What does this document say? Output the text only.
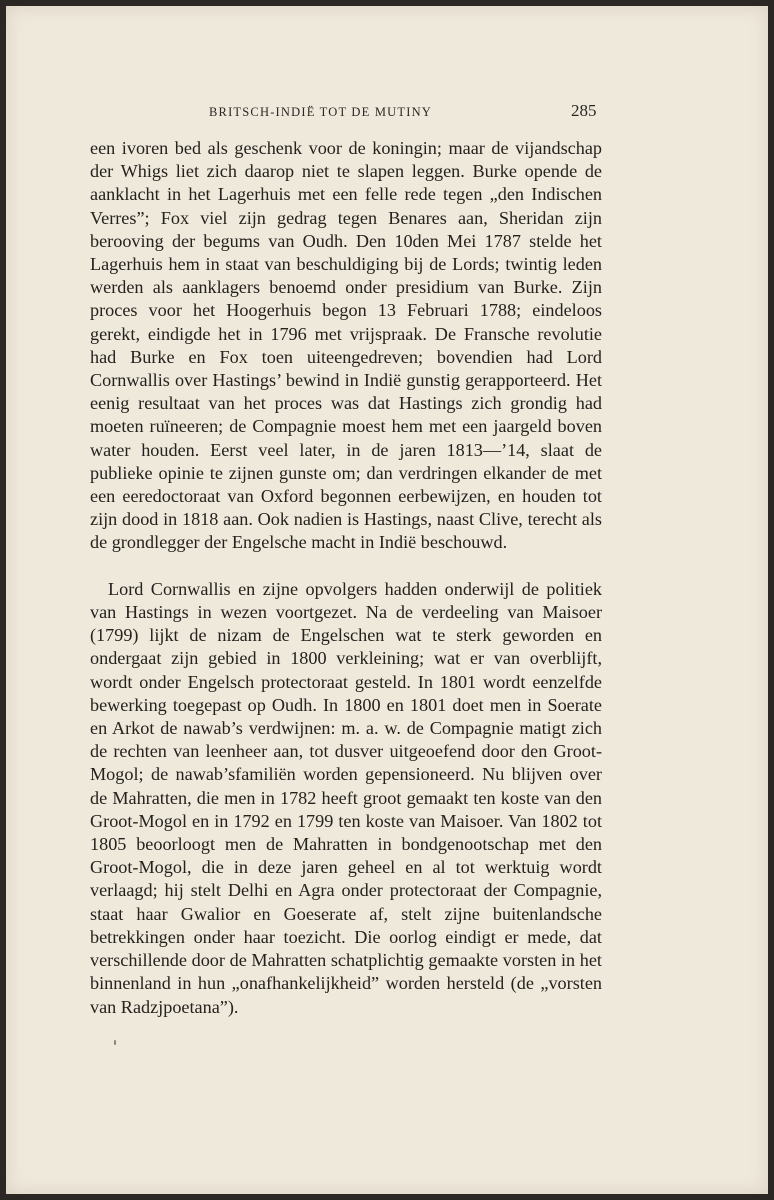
BRITSCH-INDIË TOT DE MUTINY	285

een ivoren bed als geschenk voor de koningin; maar de vijandschap der Whigs liet zich daarop niet te slapen leggen. Burke opende de aanklacht in het Lagerhuis met een felle rede tegen „den Indischen Verres”; Fox viel zijn gedrag tegen Benares aan, Sheridan zijn berooving der begums van Oudh. Den 10den Mei 1787 stelde het Lagerhuis hem in staat van beschuldiging bij de Lords; twintig leden werden als aanklagers benoemd onder presidium van Burke. Zijn proces voor het Hoogerhuis begon 13 Februari 1788; eindeloos gerekt, eindigde het in 1796 met vrijspraak. De Fransche revolutie had Burke en Fox toen uiteengedreven; bovendien had Lord Cornwallis over Hastings’ bewind in Indië gunstig gerapporteerd. Het eenig resultaat van het proces was dat Hastings zich grondig had moeten ruïneeren; de Compagnie moest hem met een jaargeld boven water houden. Eerst veel later, in de jaren 1813—’14, slaat de publieke opinie te zijnen gunste om; dan verdringen elkander de met een eeredoctoraat van Oxford begonnen eerbewijzen, en houden tot zijn dood in 1818 aan. Ook nadien is Hastings, naast Clive, terecht als de grondlegger der Engelsche macht in Indië beschouwd.

Lord Cornwallis en zijne opvolgers hadden onderwijl de politiek van Hastings in wezen voortgezet. Na de verdeeling van Maisoer (1799) lijkt de nizam de Engelschen wat te sterk geworden en ondergaat zijn gebied in 1800 verkleining; wat er van overblijft, wordt onder Engelsch protectoraat gesteld. In 1801 wordt eenzelfde bewerking toegepast op Oudh. In 1800 en 1801 doet men in Soerate en Arkot de nawab’s verdwijnen: m. a. w. de Compagnie matigt zich de rechten van leenheer aan, tot dusver uitgeoefend door den Groot-Mogol; de nawab’sfamiliën worden gepensioneerd. Nu blijven over de Mahratten, die men in 1782 heeft groot gemaakt ten koste van den Groot-Mogol en in 1792 en 1799 ten koste van Maisoer. Van 1802 tot 1805 beoorloogt men de Mahratten in bondgenootschap met den Groot-Mogol, die in deze jaren geheel en al tot werktuig wordt verlaagd; hij stelt Delhi en Agra onder protectoraat der Compagnie, staat haar Gwalior en Goeserate af, stelt zijne buitenlandsche betrekkingen onder haar toezicht. Die oorlog eindigt er mede, dat verschillende door de Mahratten schatplichtig gemaakte vorsten in het binnenland in hun „onafhankelijkheid” worden hersteld (de „vorsten van Radzjpoetana”).
